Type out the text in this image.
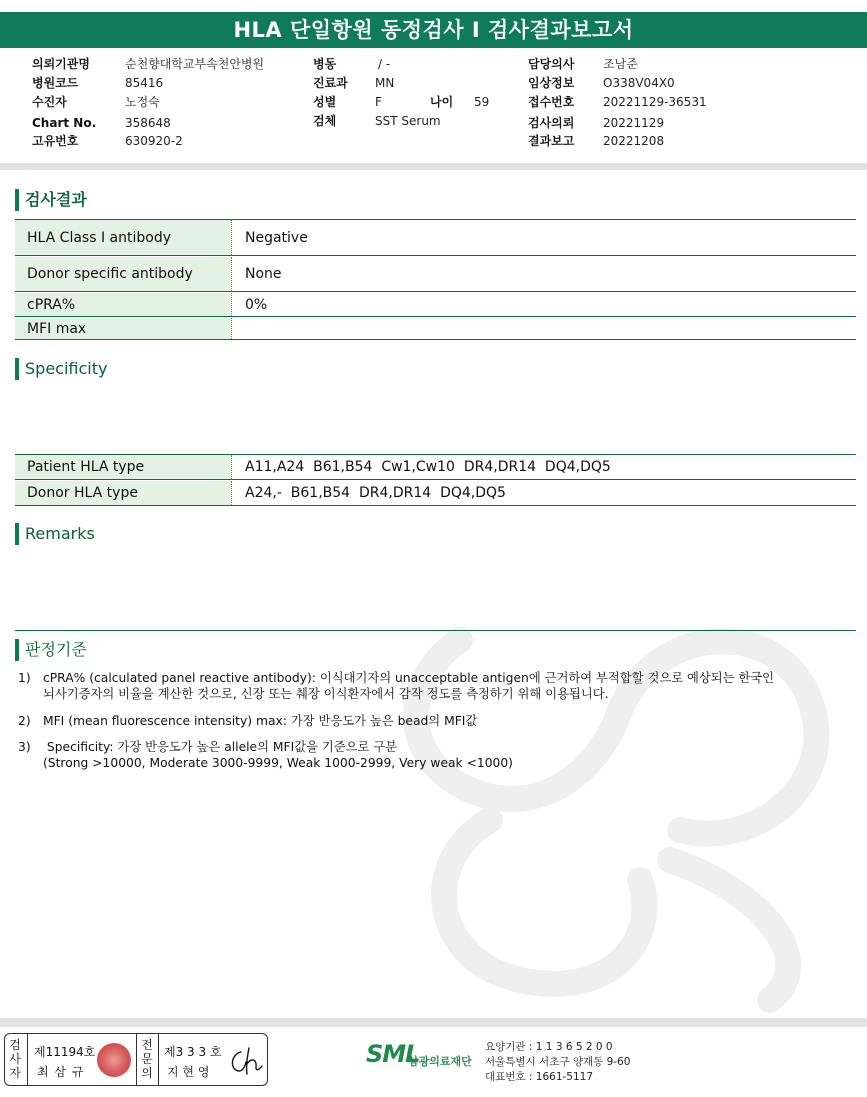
HLA 단일항원 동정검사 I 검사결과보고서
의뢰기관명	순천향대학교부속천안병원
병원코드	85416
수진자	노정숙
Chart No. 358648
고유번호	630920-2
병동	/ -
진료과 MN
성별	F	나이 59
검체	SST Serum
담당의사 조남준
임상정보 O338V04X0
접수번호 20221129-36531
검사의뢰 20221129
결과보고 20221208
검사결과
HLA Class I antibody	Negative
Donor specific antibody	None
cPRA%	0%
MFI max
Specificity
Patient HLA type	A11,A24  B61,B54  Cw1,Cw10  DR4,DR14  DQ4,DQ5
Donor HLA type	A24,-  B61,B54  DR4,DR14  DQ4,DQ5
Remarks
판정기준
1) cPRA% (calculated panel reactive antibody): 이식대기자의 unacceptable antigen에 근거하여 부적합할 것으로 예상되는 한국인
뇌사기증자의 비율을 계산한 것으로, 신장 또는 췌장 이식환자에서 감작 정도를 측정하기 위해 이용됩니다.
2) MFI (mean fluorescence intensity) max: 가장 반응도가 높은 bead의 MFI값
3)	Specificity: 가장 반응도가 높은 allele의 MFI값을 기준으로 구분
(Strong >10000, Moderate 3000-9999, Weak 1000-2999, Very weak <1000)
검
사
자
제11194호
최 삼 규
전
문
의
제3 3 3 호
지 현 영
SML
삼광의료재단
요양기관 : 1 1 3 6 5 2 0 0
서울특별시 서초구 양재동 9-60
대표번호 : 1661-5117
